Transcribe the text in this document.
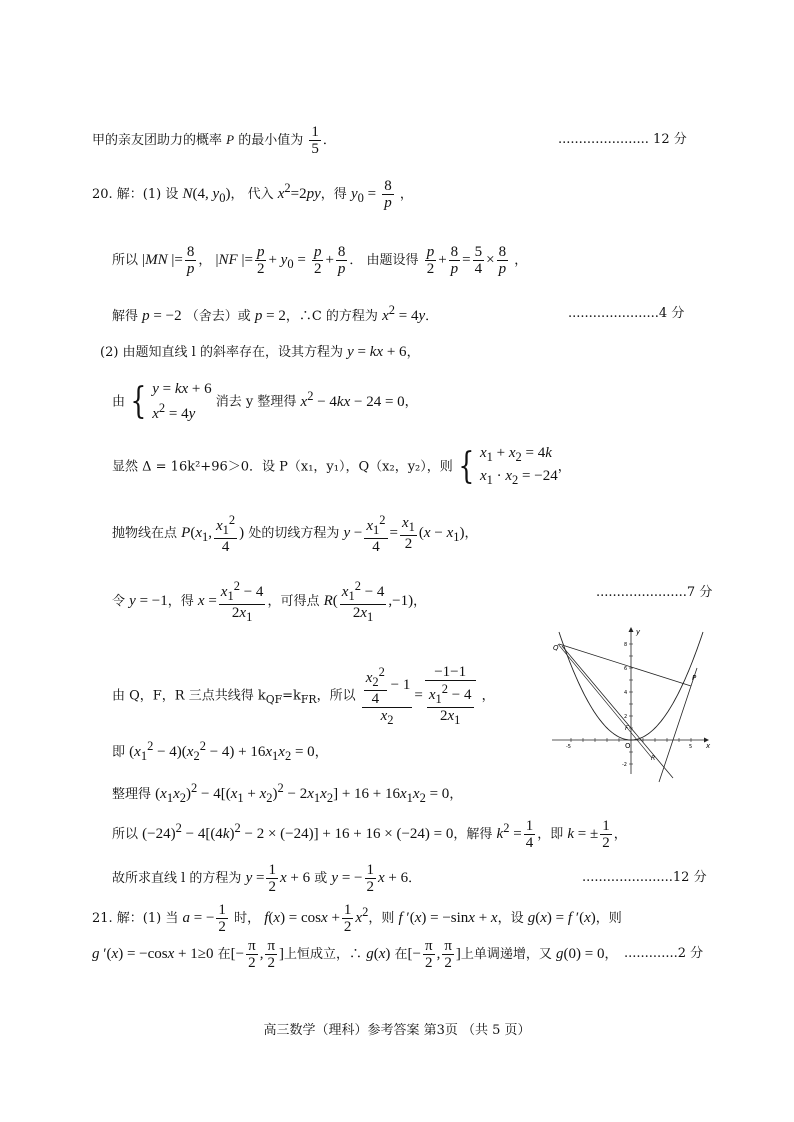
甲的亲友团助力的概率 P 的最小值为 $\frac{1}{5}$ ．	...................... 12 分
20. 解：(1) 设 N(4, $y_0$)， 代入 $x^2=2py$，得 $y_0 = \frac{8}{p}$ ，
所以 |MN |= $\frac{8}{p}$ ， |NF |= $\frac{p}{2} + y_0 = \frac{p}{2} + \frac{8}{p}$ ． 由题设得 $\frac{p}{2} + \frac{8}{p} = \frac{5}{4} \times \frac{8}{p}$ ，
解得 p = −2 （舍去）或 p = 2，∴C 的方程为 $x^2 = 4y$．	......................4 分
(2) 由题知直线 l 的斜率存在，设其方程为 y = kx + 6，
由 { y = kx + 6
$x^2 = 4y$
消去 y 整理得 $x^2 - 4kx - 24 = 0$，
显然 Δ = 16k²+96＞0．设 P（x₁，y₁），Q（x₂，y₂），则 { $x_1 + x_2 = 4k$
$x_1 \cdot x_2 = -24$
，
抛物线在点 $P(x_1$, $\frac{x_1^2}{4}$ ) 处的切线方程为 $y - \frac{x_1^2}{4} = \frac{x_1}{2} (x - x_1)$，
令 y = −1，得 $x = \frac{x_1^2 - 4}{2x_1}$ ，可得点 $R( \frac{x_1^2 - 4}{2x_1} ,-1)$，
......................7 分
由 Q，F，R 三点共线得 $k_{QF}=k_{FR}$，所以 $\frac{\frac{x_2^2}{4} - 1}{x_2} = \frac{-1-1}{\frac{x_1^2 - 4}{2x_1}}$ ，
即 $(x_1^2 - 4)(x_2^2 - 4) + 16x_1x_2 = 0$，
整理得 $(x_1x_2)^2 - 4[(x_1 + x_2)^2 - 2x_1x_2] + 16 + 16x_1x_2 = 0$，
所以 $(-24)^2 - 4[(4k)^2 - 2 \times (-24)] + 16 + 16 \times (-24) = 0$，解得 $k^2 = \frac{1}{4}$ ，即 k = ± $\frac{1}{2}$ ，
故所求直线 l 的方程为 $y = \frac{1}{2}$ x + 6 或 y = − $\frac{1}{2}$ x + 6．	......................12 分
21. 解：(1) 当 a = − $\frac{1}{2}$ 时， $f(x) = \cos x + \frac{1}{2} x^2$，则 f ′(x) = −sinx + x，设 g(x) = f ′(x)，则
g ′(x) = −cosx + 1≥0 在[− $\frac{\pi}{2}$ , $\frac{\pi}{2}$ ]上恒成立，∴ g(x) 在[− $\frac{\pi}{2}$ , $\frac{\pi}{2}$ ]上单调递增，又 g(0) = 0， .............2 分
y
x
O
Q
P
F
R
-5	5
6
4
2
-2
8
高三数学（理科）参考答案 第3页 （共 5 页）
